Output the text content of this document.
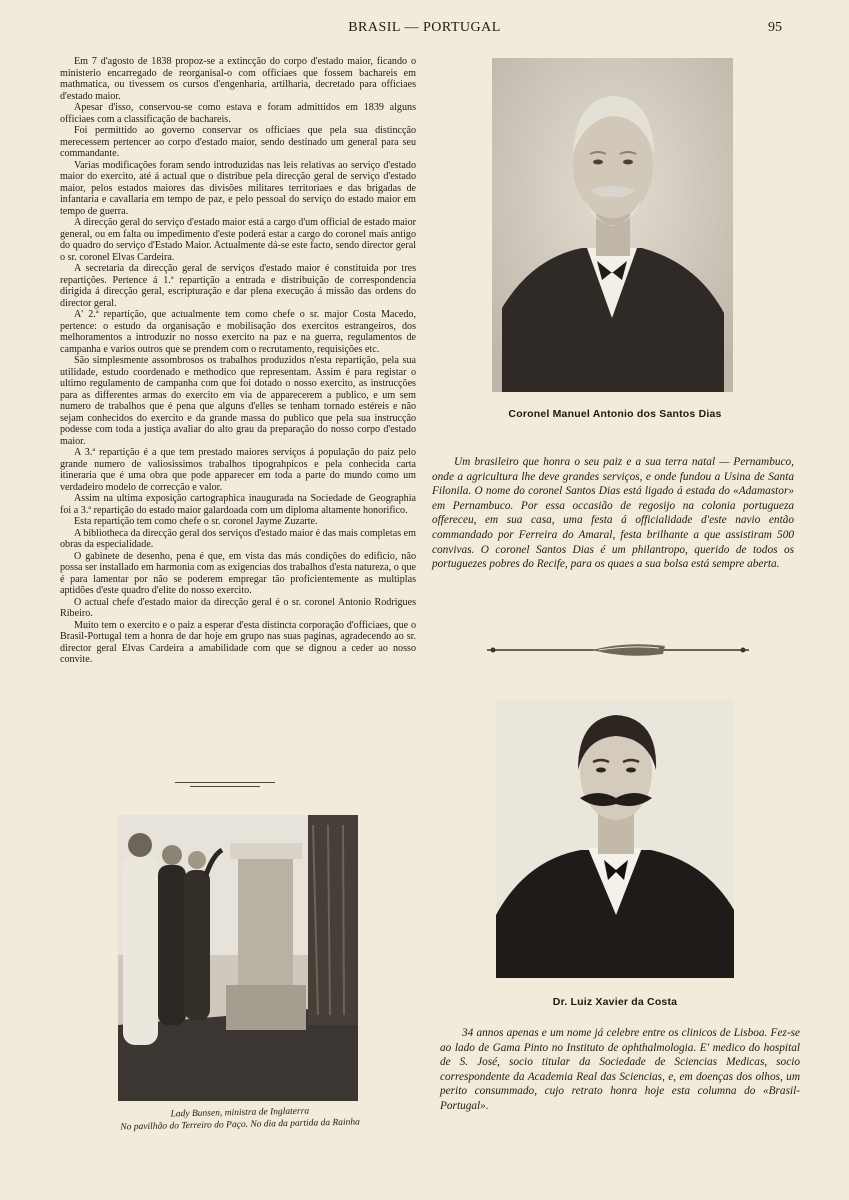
BRASIL — PORTUGAL	95

Em 7 d'agosto de 1838 propoz-se a extincção do corpo d'estado maior, ficando o ministerio encarregado de reorganisal-o com officiaes que fossem bachareis em mathmatica, ou tivessem os cursos d'engenharia, artilharia, decretado para officiaes d'estado maior.

Apesar d'isso, conservou-se como estava e foram admittidos em 1839 alguns officiaes com a classificação de bachareis.

Foi permittido ao governo conservar os officiaes que pela sua distincção merecessem pertencer ao corpo d'estado maior, sendo destinado um general para seu commandante.

Varias modificações foram sendo introduzidas nas leis relativas ao serviço d'estado maior do exercito, até á actual que o distribue pela direcção geral de serviço d'estado maior, pelos estados maiores das divisões militares territoriaes e das brigadas de infantaria e cavallaria em tempo de paz, e pelo pessoal do serviço do estado maior em tempo de guerra.

A direcção geral do serviço d'estado maior está a cargo d'um official de estado maior general, ou em falta ou impedimento d'este poderá estar a cargo do coronel mais antigo do quadro do serviço d'Estado Maior. Actualmente dá-se este facto, sendo director geral o sr. coronel Elvas Cardeira.

A secretaria da direcção geral de serviços d'estado maior é constituida por tres repartições. Pertence á 1.ª repartição a entrada e distribuição de correspondencia dirigida á direcção geral, escripturação e dar plena execução á missão das ordens do director geral.

A' 2.ª repartição, que actualmente tem como chefe o sr. major Costa Macedo, pertence: o estudo da organisação e mobilisação dos exercitos estrangeiros, dos melhoramentos a introduzir no nosso exercito na paz e na guerra, regulamentos de campanha e varios outros que se prendem com o recrutamento, requisições etc.

São simplesmente assombrosos os trabalhos produzidos n'esta repartição, pela sua utilidade, estudo coordenado e methodico que representam. Assim é para registar o ultimo regulamento de campanha com que foi dotado o nosso exercito, as instrucções para as differentes armas do exercito em via de apparecerem a publico, e um sem numero de trabalhos que é pena que alguns d'elles se tenham tornado estéreis e não sejam conhecidos do exercito e da grande massa do publico que pela sua instrucção podesse com toda a justiça avaliar do alto grau da preparação do nosso corpo d'estado maior.

A 3.ª repartição é a que tem prestado maiores serviços á população do paiz pelo grande numero de valiosissimos trabalhos tipograhpicos e pela conhecida carta itineraria que é uma obra que pode apparecer em toda a parte do mundo como um verdadeiro modelo de correcção e valor.

Assim na ultima exposição cartographica inaugurada na Sociedade de Geographia foi a 3.ª repartição do estado maior galardoada com um diploma altamente honorifico.

Esta repartição tem como chefe o sr. coronel Jayme Zuzarte.

A bibliotheca da direcção geral dos serviços d'estado maior é das mais completas em obras da especialidade.

O gabinete de desenho, pena é que, em vista das más condições do edificio, não possa ser installado em harmonia com as exigencias dos trabalhos d'esta natureza, o que é para lamentar por não se poderem empregar tão proficientemente as multiplas aptidões d'este quadro d'elite do nosso exercito.

O actual chefe d'estado maior da direcção geral é o sr. coronel Antonio Rodrigues Ribeiro.

Muito tem o exercito e o paiz a esperar d'esta distincta corporação d'officiaes, que o Brasil-Portugal tem a honra de dar hoje em grupo nas suas paginas, agradecendo ao sr. director geral Elvas Cardeira a amabilidade com que se dignou a ceder ao nosso convite.

Coronel Manuel Antonio dos Santos Dias

Um brasileiro que honra o seu paiz e a sua terra natal — Pernambuco, onde a agricultura lhe deve grandes serviços, e onde fundou a Usina de Santa Filonila. O nome do coronel Santos Dias está ligado á estada do «Adamastor» em Pernambuco. Por essa occasião de regosijo na colonia portugueza offereceu, em sua casa, uma festa á officialidade d'este navio então commandado por Ferreira do Amaral, festa brilhante a que assistiram 500 convivas. O coronel Santos Dias é um philantropo, querido de todos os portuguezes pobres do Recife, para os quaes a sua bolsa está sempre aberta.

Dr. Luiz Xavier da Costa

34 annos apenas e um nome já celebre entre os clinicos de Lisboa. Fez-se ao lado de Gama Pinto no Instituto de ophthalmologia. E' medico do hospital de S. José, socio titular da Sociedade de Sciencias Medicas, socio correspondente da Academia Real das Sciencias, e, em doenças dos olhos, um perito consummado, cujo retrato honra hoje esta columna do «Brasil-Portugal».

Lady Bunsen, ministra de Inglaterra
No pavilhão do Terreiro do Paço. No dia da partida da Rainha
